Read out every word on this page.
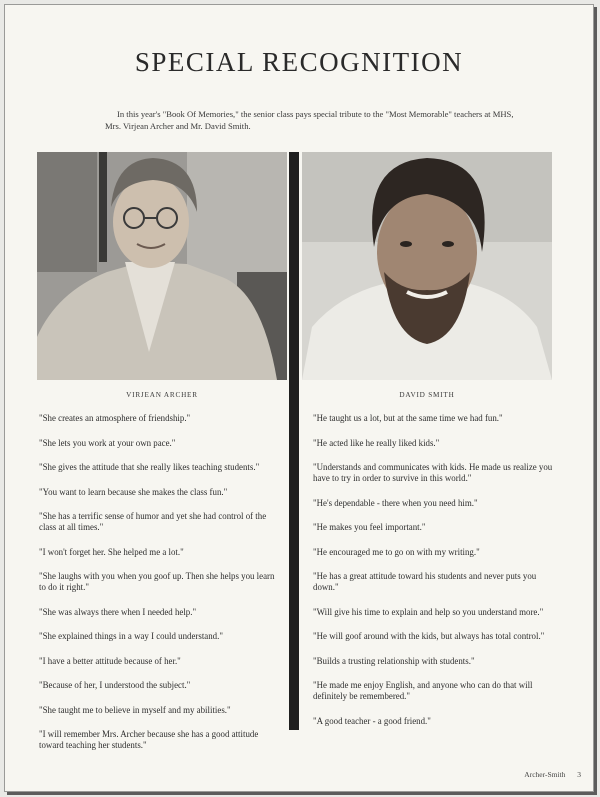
SPECIAL RECOGNITION
In this year's "Book Of Memories," the senior class pays special tribute to the "Most Memorable" teachers at MHS, Mrs. Virjean Archer and Mr. David Smith.
VIRJEAN ARCHER	DAVID SMITH
"She creates an atmosphere of friendship."
"She lets you work at your own pace."
"She gives the attitude that she really likes teaching students."
"You want to learn because she makes the class fun."
"She has a terrific sense of humor and yet she had control of the class at all times."
"I won't forget her. She helped me a lot."
"She laughs with you when you goof up. Then she helps you learn to do it right."
"She was always there when I needed help."
"She explained things in a way I could understand."
"I have a better attitude because of her."
"Because of her, I understood the subject."
"She taught me to believe in myself and my abilities."
"I will remember Mrs. Archer because she has a good attitude toward teaching her students."
"He taught us a lot, but at the same time we had fun."
"He acted like he really liked kids."
"Understands and communicates with kids. He made us realize you have to try in order to survive in this world."
"He's dependable - there when you need him."
"He makes you feel important."
"He encouraged me to go on with my writing."
"He has a great attitude toward his students and never puts you down."
"Will give his time to explain and help so you understand more."
"He will goof around with the kids, but always has total control."
"Builds a trusting relationship with students."
"He made me enjoy English, and anyone who can do that will definitely be remembered."
"A good teacher - a good friend."
Archer-Smith 3
